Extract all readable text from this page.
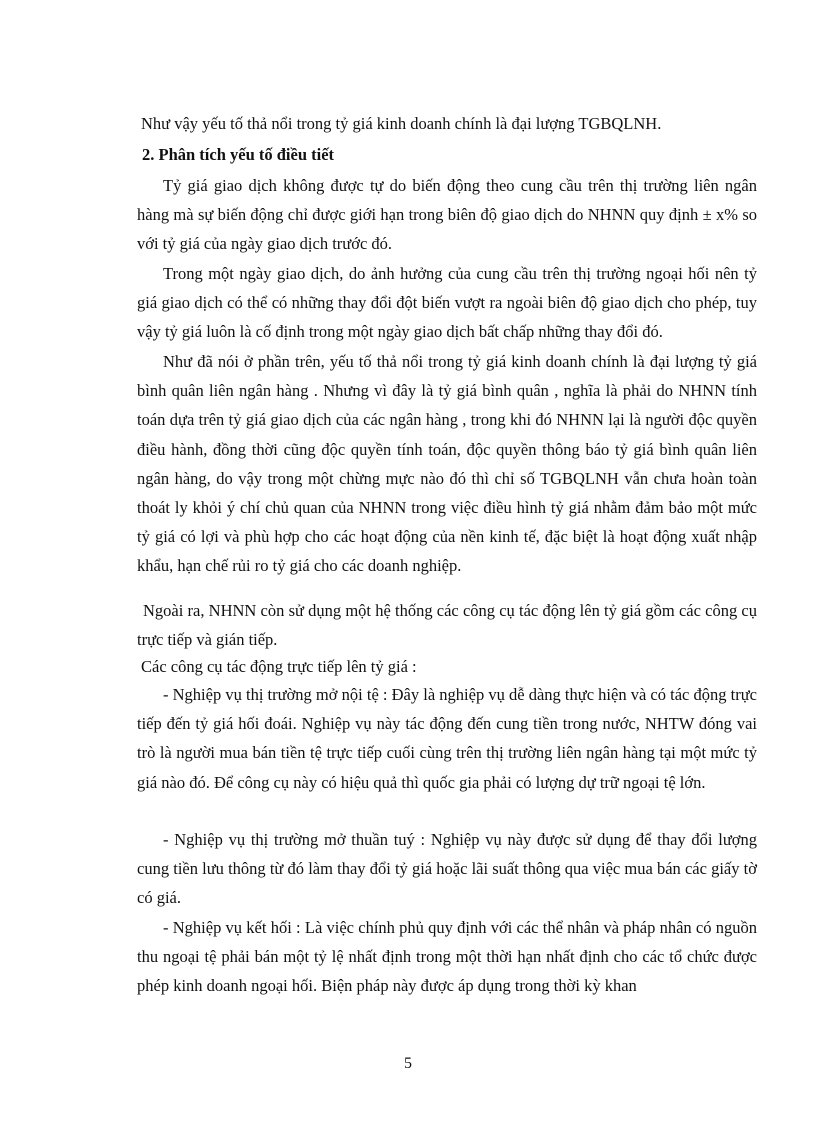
Như vậy yếu tố thả nổi trong tỷ giá kinh doanh chính là đại lượng TGBQLNH.

2. Phân tích yếu tố điều tiết

Tỷ giá giao dịch không được tự do biến động theo cung cầu trên thị trường liên ngân hàng mà sự biến động chỉ được giới hạn trong biên độ giao dịch do NHNN quy định ± x% so với tỷ giá của ngày giao dịch trước đó.

Trong một ngày giao dịch, do ảnh hưởng của cung cầu trên thị trường ngoại hối nên tỷ giá giao dịch có thể có những thay đổi đột biến vượt ra ngoài biên độ giao dịch cho phép, tuy vậy tỷ giá luôn là cố định trong một ngày giao dịch bất chấp những thay đổi đó.

Như đã nói ở phần trên, yếu tố thả nổi trong tỷ giá kinh doanh chính là đại lượng tỷ giá bình quân liên ngân hàng . Nhưng vì đây là tỷ giá bình quân , nghĩa là phải do NHNN tính toán dựa trên tỷ giá giao dịch của các ngân hàng , trong khi đó NHNN lại là người độc quyền điều hành, đồng thời cũng độc quyền tính toán, độc quyền thông báo tỷ giá bình quân liên ngân hàng, do vậy trong một chừng mực nào đó thì chỉ số TGBQLNH vẫn chưa hoàn toàn thoát ly khỏi ý chí chủ quan của NHNN trong việc điều hình tỷ giá nhằm đảm bảo một mức tỷ giá có lợi và phù hợp cho các hoạt động của nền kinh tế, đặc biệt là hoạt động xuất nhập khẩu, hạn chế rủi ro tỷ giá cho các doanh nghiệp.

Ngoài ra, NHNN còn sử dụng một hệ thống các công cụ tác động lên tỷ giá gồm các công cụ trực tiếp và gián tiếp.

Các công cụ tác động trực tiếp lên tỷ giá :

- Nghiệp vụ thị trường mở nội tệ : Đây là nghiệp vụ dễ dàng thực hiện và có tác động trực tiếp đến tỷ giá hối đoái. Nghiệp vụ này tác động đến cung tiền trong nước, NHTW đóng vai trò là người mua bán tiền tệ trực tiếp cuối cùng trên thị trường liên ngân hàng tại một mức tỷ giá nào đó. Để công cụ này có hiệu quả thì quốc gia phải có lượng dự trữ ngoại tệ lớn.

- Nghiệp vụ thị trường mở thuần tuý : Nghiệp vụ này được sử dụng để thay đổi lượng cung tiền lưu thông từ đó làm thay đổi tỷ giá hoặc lãi suất thông qua việc mua bán các giấy tờ có giá.

- Nghiệp vụ kết hối : Là việc chính phủ quy định với các thể nhân và pháp nhân có nguồn thu ngoại tệ phải bán một tỷ lệ nhất định trong một thời hạn nhất định cho các tổ chức được phép kinh doanh ngoại hối. Biện pháp này được áp dụng trong thời kỳ khan

5
